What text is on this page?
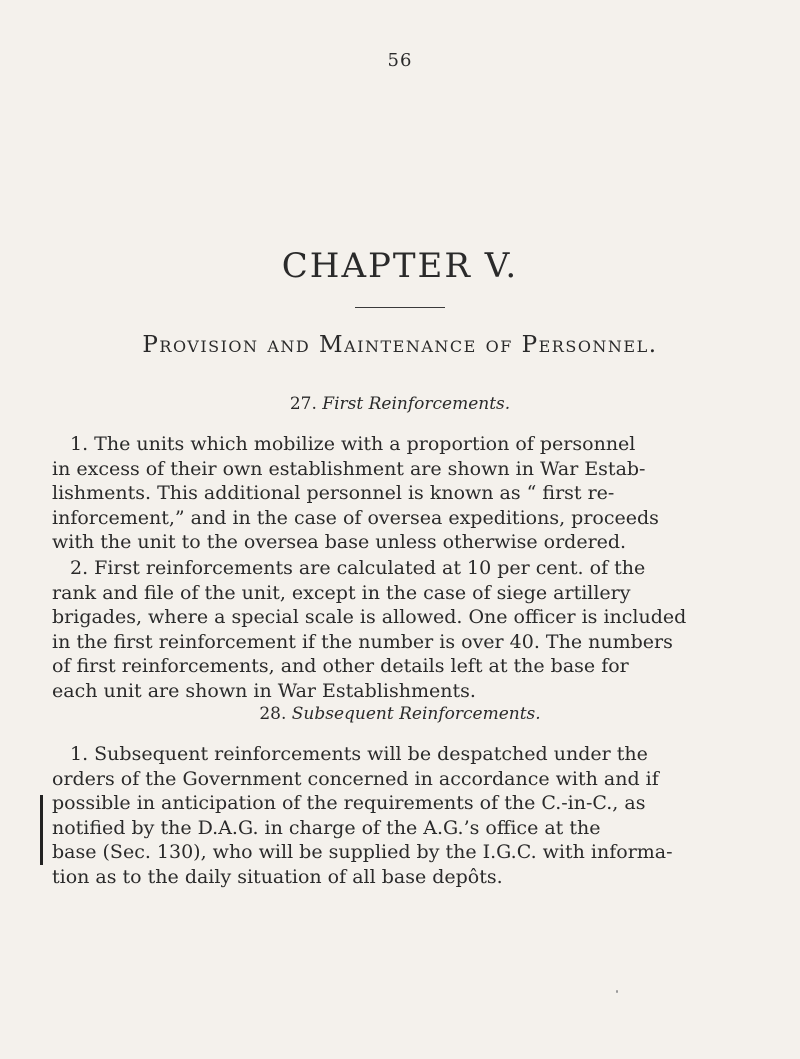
56
CHAPTER V.
Provision and Maintenance of Personnel.
27. First Reinforcements.
1. The units which mobilize with a proportion of personnel
in excess of their own establishment are shown in War Estab-
lishments. This additional personnel is known as “ first re-
inforcement,” and in the case of oversea expeditions, proceeds
with the unit to the oversea base unless otherwise ordered.
2. First reinforcements are calculated at 10 per cent. of the
rank and file of the unit, except in the case of siege artillery
brigades, where a special scale is allowed. One officer is included
in the first reinforcement if the number is over 40. The numbers
of first reinforcements, and other details left at the base for
each unit are shown in War Establishments.
28. Subsequent Reinforcements.
1. Subsequent reinforcements will be despatched under the
orders of the Government concerned in accordance with and if
possible in anticipation of the requirements of the C.-in-C., as
notified by the D.A.G. in charge of the A.G.’s office at the
base (Sec. 130), who will be supplied by the I.G.C. with informa-
tion as to the daily situation of all base depôts.
